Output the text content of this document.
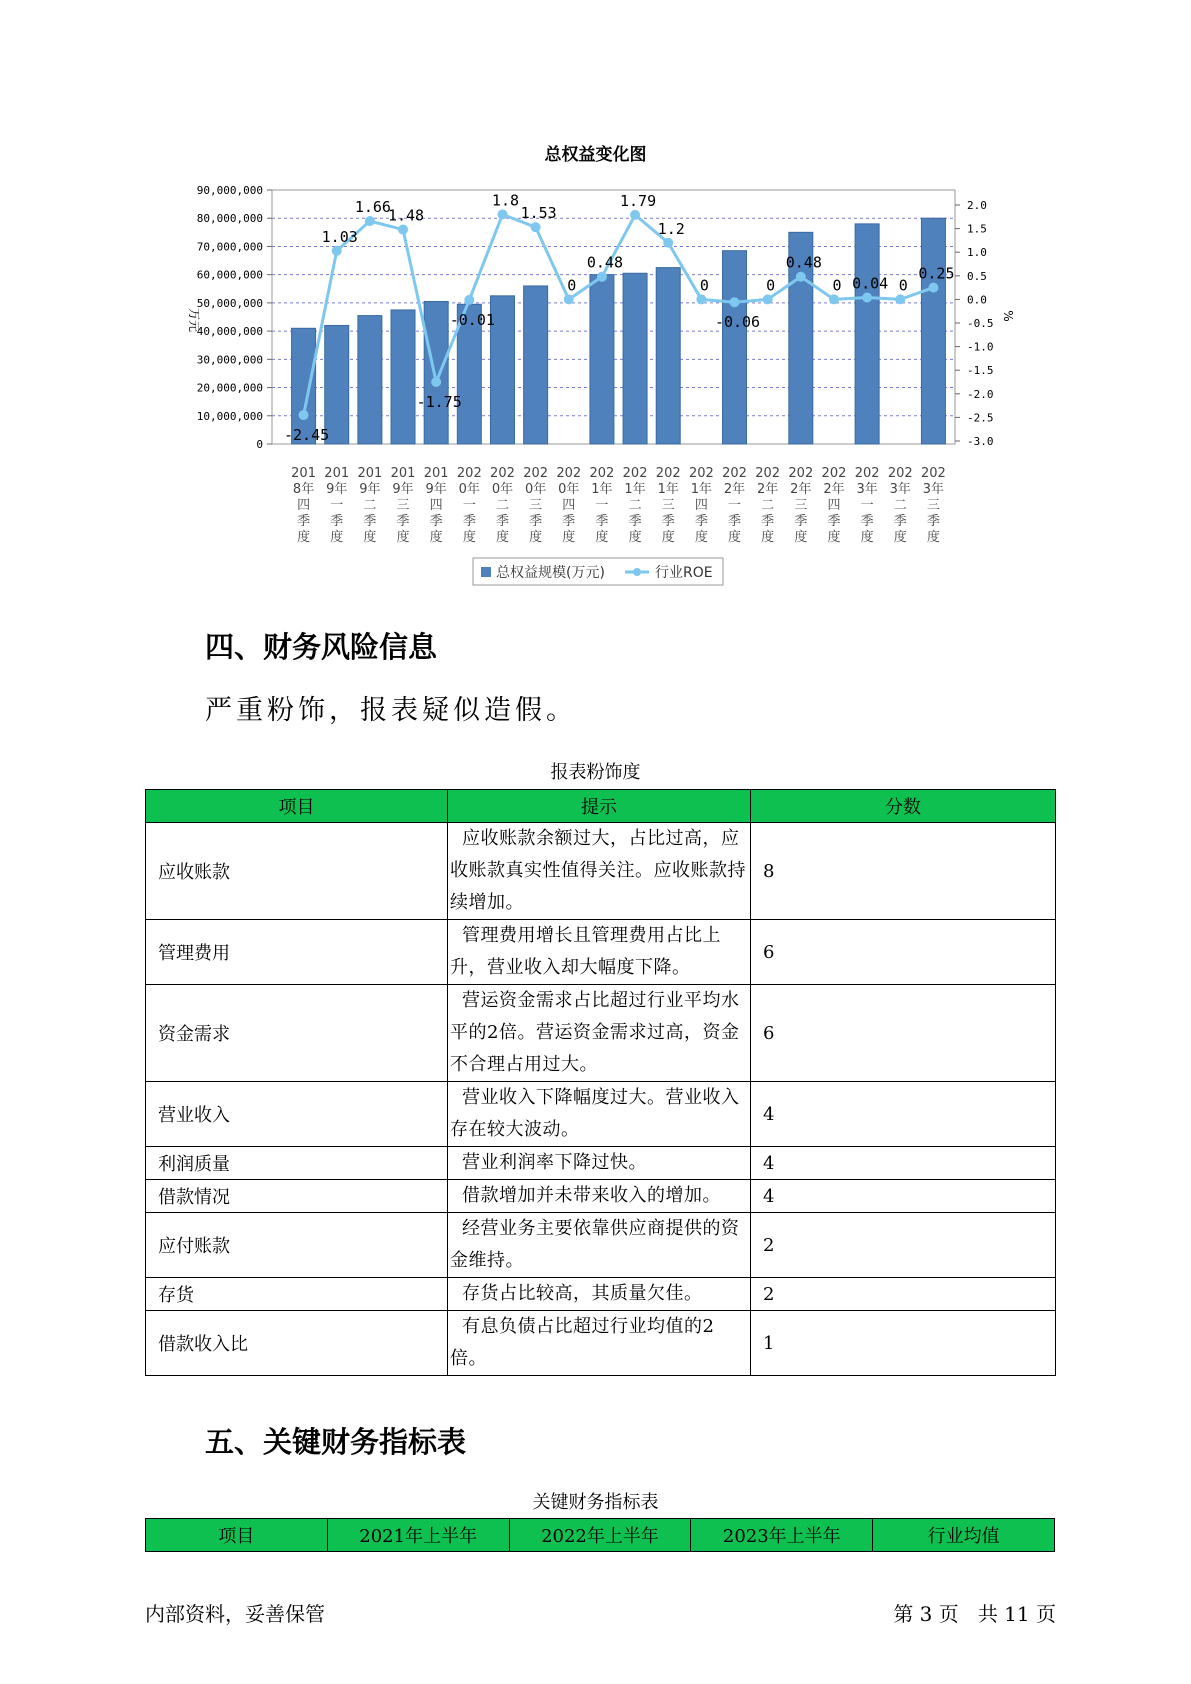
90,000,000
80,000,000
70,000,000
60,000,000
50,000,000
40,000,000
30,000,000
20,000,000
10,000,000
0
2.0
1.5
1.0
0.5
0.0
-0.5
-1.0
-1.5
-2.0
-2.5
-3.0
万元	%
201
8年
四
季
度
201
9年
一
季
度
201
9年
二
季
度
201
9年
三
季
度
201
9年
四
季
度
202
0年
一
季
度
202
0年
二
季
度
202
0年
三
季
度
202
0年
四
季
度
202
1年
一
季
度
202
1年
二
季
度
202
1年
三
季
度
202
1年
四
季
度
202
2年
一
季
度
202
2年
二
季
度
202
2年
三
季
度
202
2年
四
季
度
202
3年
一
季
度
202
3年
二
季
度
202
3年
三
季
度
-2.45
1.03
1.66
1.48
-1.75
-0.01
1.8
1.53
0
0.48
1.79
1.2
0
-0.06
0
0.48
0 0.04 0
0.25
总权益规模(万元)	行业ROE
总权益变化图
四、财务风险信息
严重粉饰，报表疑似造假。
报表粉饰度
项目	提示	分数
应收账款	应收账款余额过大，占比过高，应收账款真实性值得关注。应收账款持续增加。	8
管理费用	管理费用增长且管理费用占比上升，营业收入却大幅度下降。	6
资金需求	营运资金需求占比超过行业平均水平的2倍。营运资金需求过高，资金不合理占用过大。	6
营业收入	营业收入下降幅度过大。营业收入存在较大波动。	4
利润质量	营业利润率下降过快。	4
借款情况	借款增加并未带来收入的增加。	4
应付账款	经营业务主要依靠供应商提供的资金维持。	2
存货	存货占比较高，其质量欠佳。	2
借款收入比	有息负债占比超过行业均值的2倍。	1
五、关键财务指标表
关键财务指标表
项目	2021年上半年	2022年上半年	2023年上半年	行业均值
内部资料，妥善保管	第 3 页   共 11 页
